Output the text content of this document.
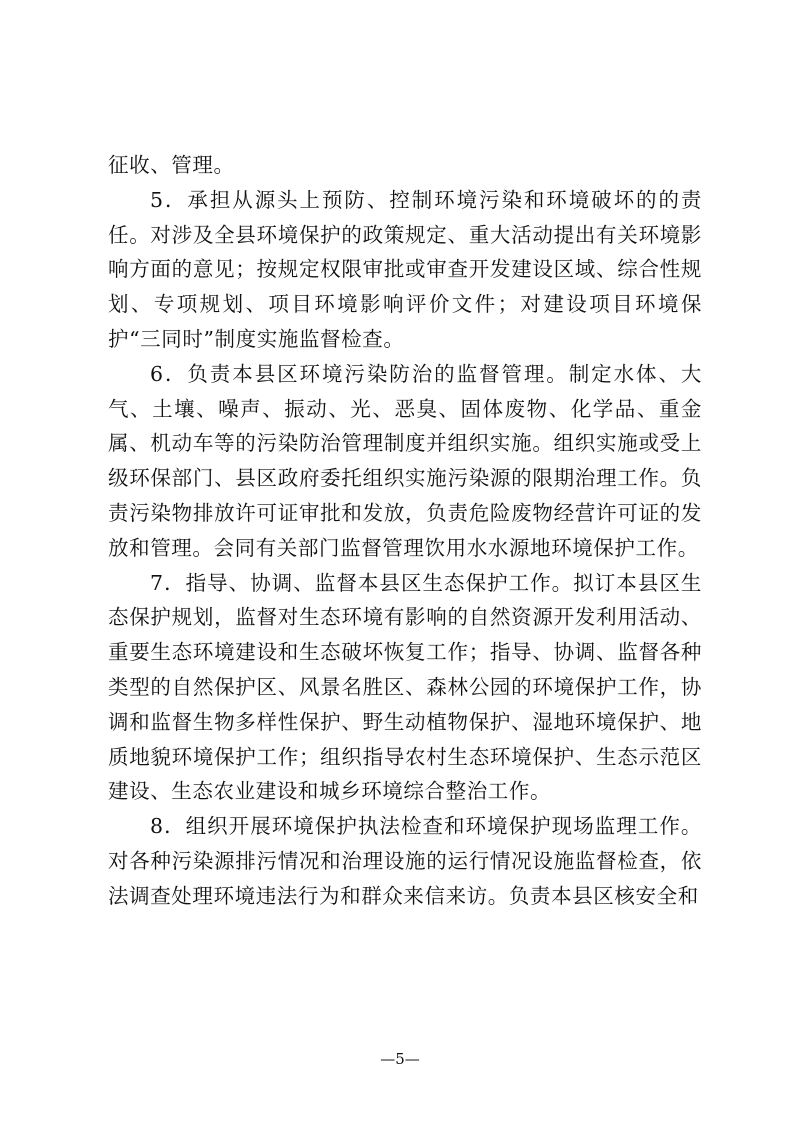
征收、管理。

5．承担从源头上预防、控制环境污染和环境破坏的的责任。对涉及全县环境保护的政策规定、重大活动提出有关环境影响方面的意见；按规定权限审批或审查开发建设区域、综合性规划、专项规划、项目环境影响评价文件；对建设项目环境保护“三同时”制度实施监督检查。

6．负责本县区环境污染防治的监督管理。制定水体、大气、土壤、噪声、振动、光、恶臭、固体废物、化学品、重金属、机动车等的污染防治管理制度并组织实施。组织实施或受上级环保部门、县区政府委托组织实施污染源的限期治理工作。负责污染物排放许可证审批和发放，负责危险废物经营许可证的发放和管理。会同有关部门监督管理饮用水水源地环境保护工作。

7．指导、协调、监督本县区生态保护工作。拟订本县区生态保护规划，监督对生态环境有影响的自然资源开发利用活动、重要生态环境建设和生态破坏恢复工作；指导、协调、监督各种类型的自然保护区、风景名胜区、森林公园的环境保护工作，协调和监督生物多样性保护、野生动植物保护、湿地环境保护、地质地貌环境保护工作；组织指导农村生态环境保护、生态示范区建设、生态农业建设和城乡环境综合整治工作。

8．组织开展环境保护执法检查和环境保护现场监理工作。对各种污染源排污情况和治理设施的运行情况设施监督检查，依法调查处理环境违法行为和群众来信来访。负责本县区核安全和

—5—
